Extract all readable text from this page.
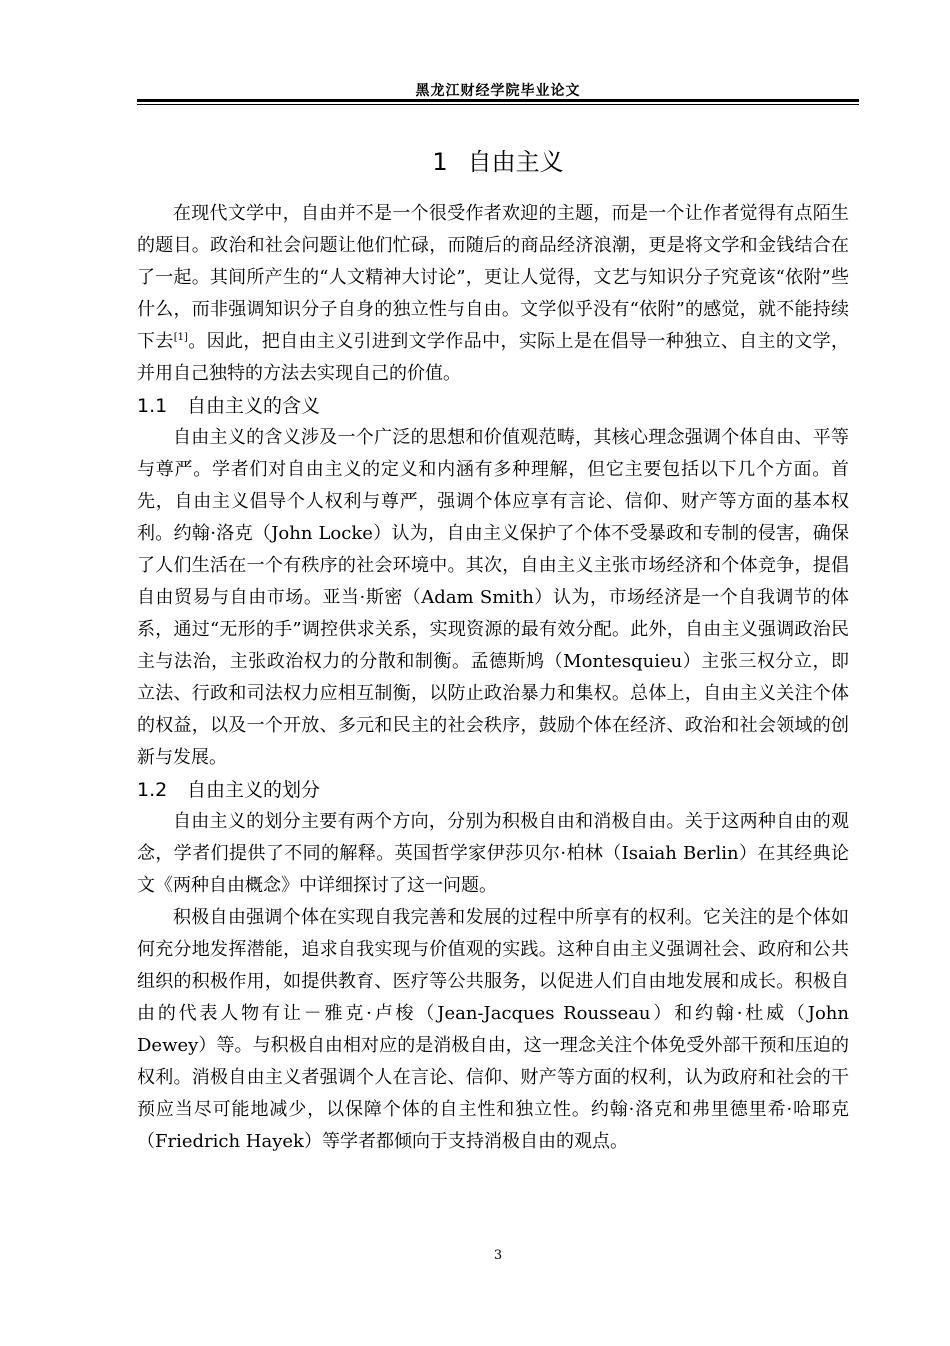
黑龙江财经学院毕业论文
1 自由主义

在现代文学中，自由并不是一个很受作者欢迎的主题，而是一个让作者觉得有点陌生的题目。政治和社会问题让他们忙碌，而随后的商品经济浪潮，更是将文学和金钱结合在了一起。其间所产生的“人文精神大讨论”，更让人觉得，文艺与知识分子究竟该“依附”些什么，而非强调知识分子自身的独立性与自由。文学似乎没有“依附”的感觉，就不能持续下去[1]。因此，把自由主义引进到文学作品中，实际上是在倡导一种独立、自主的文学，并用自己独特的方法去实现自己的价值。

1.1 自由主义的含义

自由主义的含义涉及一个广泛的思想和价值观范畴，其核心理念强调个体自由、平等与尊严。学者们对自由主义的定义和内涵有多种理解，但它主要包括以下几个方面。首先，自由主义倡导个人权利与尊严，强调个体应享有言论、信仰、财产等方面的基本权利。约翰·洛克（John Locke）认为，自由主义保护了个体不受暴政和专制的侵害，确保了人们生活在一个有秩序的社会环境中。其次，自由主义主张市场经济和个体竞争，提倡自由贸易与自由市场。亚当·斯密（Adam Smith）认为，市场经济是一个自我调节的体系，通过“无形的手”调控供求关系，实现资源的最有效分配。此外，自由主义强调政治民主与法治，主张政治权力的分散和制衡。孟德斯鸠（Montesquieu）主张三权分立，即立法、行政和司法权力应相互制衡，以防止政治暴力和集权。总体上，自由主义关注个体的权益，以及一个开放、多元和民主的社会秩序，鼓励个体在经济、政治和社会领域的创新与发展。

1.2 自由主义的划分

自由主义的划分主要有两个方向，分别为积极自由和消极自由。关于这两种自由的观念，学者们提供了不同的解释。英国哲学家伊莎贝尔·柏林（Isaiah Berlin）在其经典论文《两种自由概念》中详细探讨了这一问题。

积极自由强调个体在实现自我完善和发展的过程中所享有的权利。它关注的是个体如何充分地发挥潜能，追求自我实现与价值观的实践。这种自由主义强调社会、政府和公共组织的积极作用，如提供教育、医疗等公共服务，以促进人们自由地发展和成长。积极自由的代表人物有让－雅克·卢梭（Jean-Jacques Rousseau）和约翰·杜威（John Dewey）等。与积极自由相对应的是消极自由，这一理念关注个体免受外部干预和压迫的权利。消极自由主义者强调个人在言论、信仰、财产等方面的权利，认为政府和社会的干预应当尽可能地减少，以保障个体的自主性和独立性。约翰·洛克和弗里德里希·哈耶克（Friedrich Hayek）等学者都倾向于支持消极自由的观点。

3
